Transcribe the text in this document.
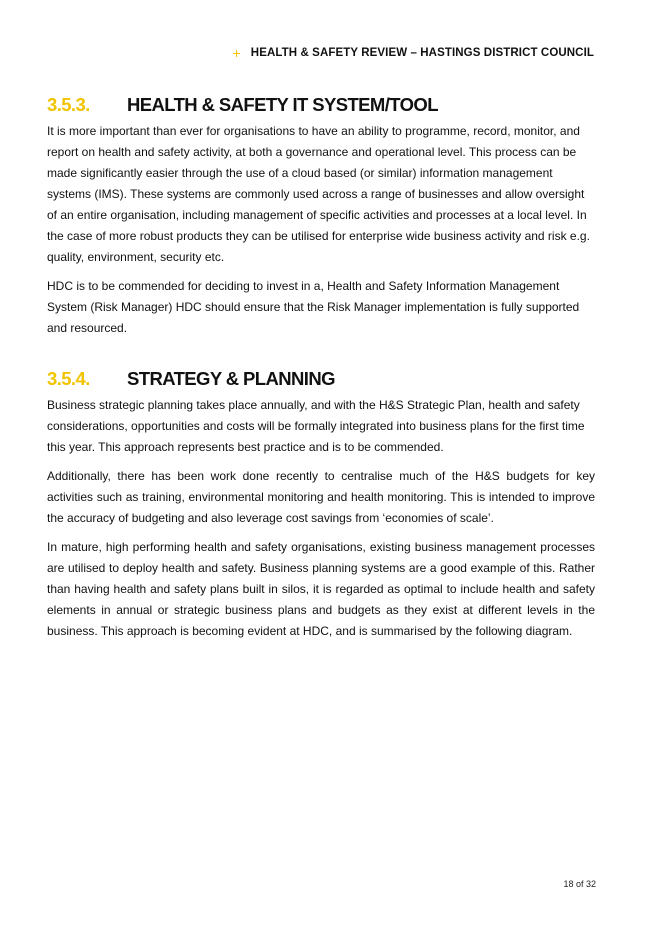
+ HEALTH & SAFETY REVIEW – HASTINGS DISTRICT COUNCIL
3.5.3.	HEALTH & SAFETY IT SYSTEM/TOOL

It is more important than ever for organisations to have an ability to programme, record, monitor, and report on health and safety activity, at both a governance and operational level. This process can be made significantly easier through the use of a cloud based (or similar) information management systems (IMS). These systems are commonly used across a range of businesses and allow oversight of an entire organisation, including management of specific activities and processes at a local level. In the case of more robust products they can be utilised for enterprise wide business activity and risk e.g. quality, environment, security etc.

HDC is to be commended for deciding to invest in a, Health and Safety Information Management System (Risk Manager) HDC should ensure that the Risk Manager implementation is fully supported and resourced.

3.5.4.	STRATEGY & PLANNING

Business strategic planning takes place annually, and with the H&S Strategic Plan, health and safety considerations, opportunities and costs will be formally integrated into business plans for the first time this year. This approach represents best practice and is to be commended.

Additionally, there has been work done recently to centralise much of the H&S budgets for key activities such as training, environmental monitoring and health monitoring. This is intended to improve the accuracy of budgeting and also leverage cost savings from ‘economies of scale’.

In mature, high performing health and safety organisations, existing business management processes are utilised to deploy health and safety. Business planning systems are a good example of this. Rather than having health and safety plans built in silos, it is regarded as optimal to include health and safety elements in annual or strategic business plans and budgets as they exist at different levels in the business. This approach is becoming evident at HDC, and is summarised by the following diagram.

18 of 32
